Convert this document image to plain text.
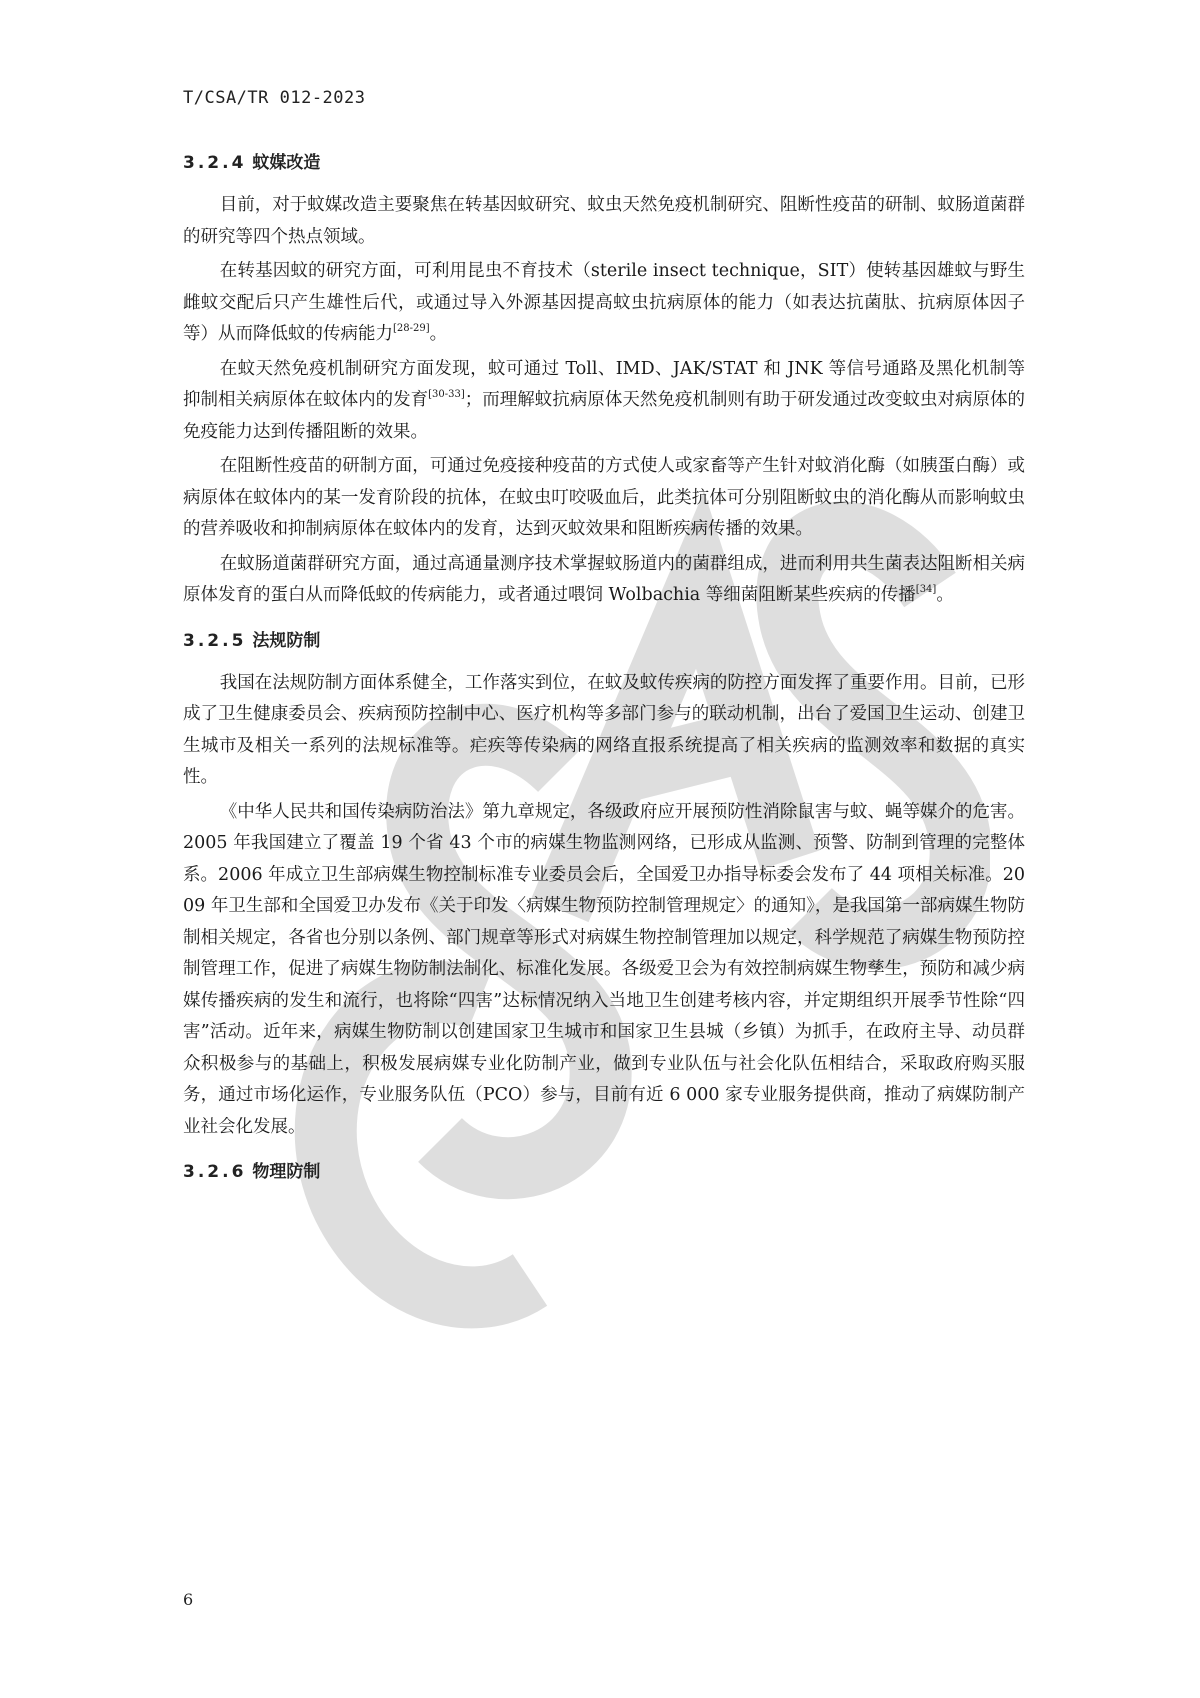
T/CSA/TR 012-2023
3.2.4 蚊媒改造

目前，对于蚊媒改造主要聚焦在转基因蚊研究、蚊虫天然免疫机制研究、阻断性疫苗的研制、蚊肠道菌群的研究等四个热点领域。

在转基因蚊的研究方面，可利用昆虫不育技术（sterile insect technique，SIT）使转基因雄蚊与野生雌蚊交配后只产生雄性后代，或通过导入外源基因提高蚊虫抗病原体的能力（如表达抗菌肽、抗病原体因子等）从而降低蚊的传病能力[28-29]。

在蚊天然免疫机制研究方面发现，蚊可通过 Toll、IMD、JAK/STAT 和 JNK 等信号通路及黑化机制等抑制相关病原体在蚊体内的发育[30-33]；而理解蚊抗病原体天然免疫机制则有助于研发通过改变蚊虫对病原体的免疫能力达到传播阻断的效果。

在阻断性疫苗的研制方面，可通过免疫接种疫苗的方式使人或家畜等产生针对蚊消化酶（如胰蛋白酶）或病原体在蚊体内的某一发育阶段的抗体，在蚊虫叮咬吸血后，此类抗体可分别阻断蚊虫的消化酶从而影响蚊虫的营养吸收和抑制病原体在蚊体内的发育，达到灭蚊效果和阻断疾病传播的效果。

在蚊肠道菌群研究方面，通过高通量测序技术掌握蚊肠道内的菌群组成，进而利用共生菌表达阻断相关病原体发育的蛋白从而降低蚊的传病能力，或者通过喂饲 Wolbachia 等细菌阻断某些疾病的传播[34]。

3.2.5 法规防制

我国在法规防制方面体系健全，工作落实到位，在蚊及蚊传疾病的防控方面发挥了重要作用。目前，已形成了卫生健康委员会、疾病预防控制中心、医疗机构等多部门参与的联动机制，出台了爱国卫生运动、创建卫生城市及相关一系列的法规标准等。疟疾等传染病的网络直报系统提高了相关疾病的监测效率和数据的真实性。

《中华人民共和国传染病防治法》第九章规定，各级政府应开展预防性消除鼠害与蚊、蝇等媒介的危害。2005 年我国建立了覆盖 19 个省 43 个市的病媒生物监测网络，已形成从监测、预警、防制到管理的完整体系。2006 年成立卫生部病媒生物控制标准专业委员会后，全国爱卫办指导标委会发布了 44 项相关标准。2009 年卫生部和全国爱卫办发布《关于印发〈病媒生物预防控制管理规定〉的通知》，是我国第一部病媒生物防制相关规定，各省也分别以条例、部门规章等形式对病媒生物控制管理加以规定，科学规范了病媒生物预防控制管理工作，促进了病媒生物防制法制化、标准化发展。各级爱卫会为有效控制病媒生物孳生，预防和减少病媒传播疾病的发生和流行，也将除“四害”达标情况纳入当地卫生创建考核内容，并定期组织开展季节性除“四害”活动。近年来，病媒生物防制以创建国家卫生城市和国家卫生县城（乡镇）为抓手，在政府主导、动员群众积极参与的基础上，积极发展病媒专业化防制产业，做到专业队伍与社会化队伍相结合，采取政府购买服务，通过市场化运作，专业服务队伍（PCO）参与，目前有近 6 000 家专业服务提供商，推动了病媒防制产业社会化发展。

3.2.6 物理防制
6
